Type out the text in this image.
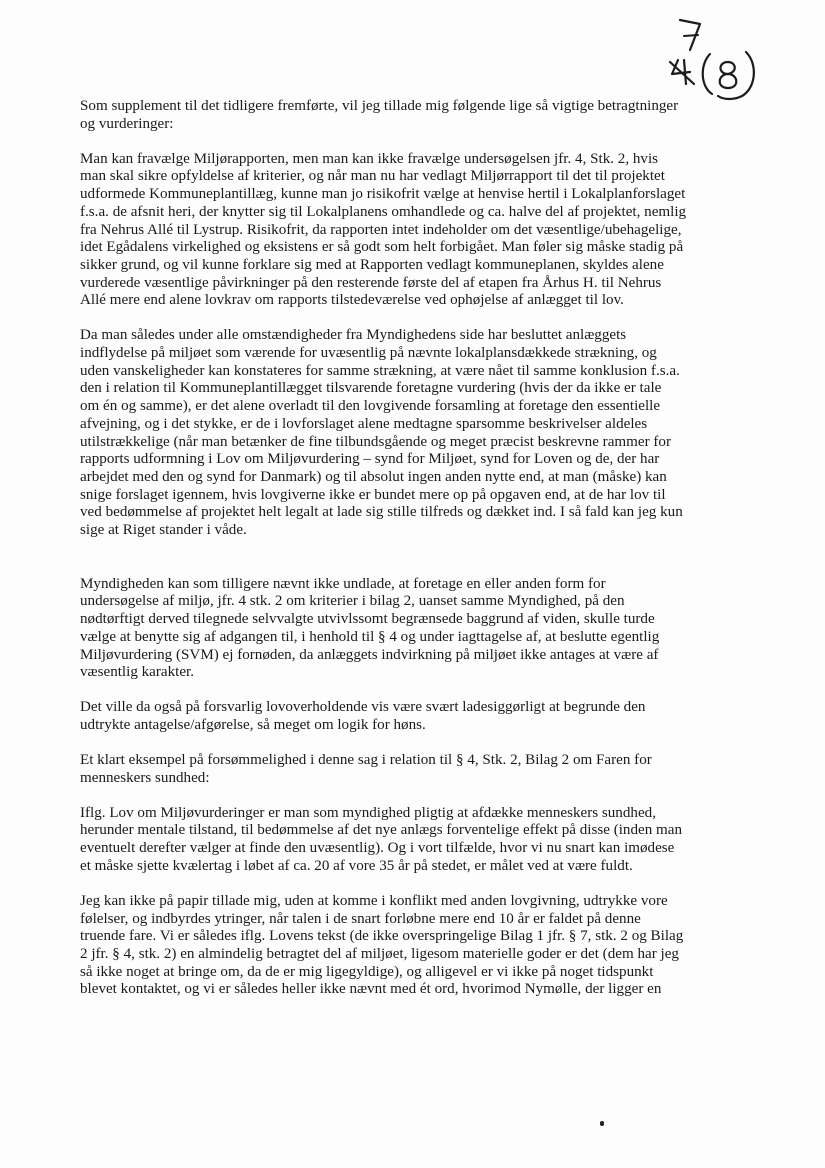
Som supplement til det tidligere fremførte, vil jeg tillade mig følgende lige så vigtige betragtninger
og vurderinger:

Man kan fravælge Miljørapporten, men man kan ikke fravælge undersøgelsen jfr. 4, Stk. 2, hvis
man skal sikre opfyldelse af kriterier, og når man nu har vedlagt Miljørrapport til det til projektet
udformede Kommuneplantillæg, kunne man jo risikofrit vælge at henvise hertil i Lokalplanforslaget
f.s.a. de afsnit heri, der knytter sig til Lokalplanens omhandlede og ca. halve del af projektet, nemlig
fra Nehrus Allé til Lystrup. Risikofrit, da rapporten intet indeholder om det væsentlige/ubehagelige,
idet Egådalens virkelighed og eksistens er så godt som helt forbigået. Man føler sig måske stadig på
sikker grund, og vil kunne forklare sig med at Rapporten vedlagt kommuneplanen, skyldes alene
vurderede væsentlige påvirkninger på den resterende første del af etapen fra Århus H. til Nehrus
Allé mere end alene lovkrav om rapports tilstedeværelse ved ophøjelse af anlægget til lov.

Da man således under alle omstændigheder fra Myndighedens side har besluttet anlæggets
indflydelse på miljøet som værende for uvæsentlig på nævnte lokalplansdækkede strækning, og
uden vanskeligheder kan konstateres for samme strækning, at være nået til samme konklusion f.s.a.
den i relation til Kommuneplantillægget tilsvarende foretagne vurdering (hvis der da ikke er tale
om én og samme), er det alene overladt til den lovgivende forsamling at foretage den essentielle
afvejning, og i det stykke, er de i lovforslaget alene medtagne sparsomme beskrivelser aldeles
utilstrækkelige (når man betænker de fine tilbundsgående og meget præcist beskrevne rammer for
rapports udformning i Lov om Miljøvurdering – synd for Miljøet, synd for Loven og de, der har
arbejdet med den og synd for Danmark) og til absolut ingen anden nytte end, at man (måske) kan
snige forslaget igennem, hvis lovgiverne ikke er bundet mere op på opgaven end, at de har lov til
ved bedømmelse af projektet helt legalt at lade sig stille tilfreds og dækket ind. I så fald kan jeg kun
sige at Riget stander i våde.

Myndigheden kan som tilligere nævnt ikke undlade, at foretage en eller anden form for
undersøgelse af miljø, jfr. 4 stk. 2 om kriterier i bilag 2, uanset samme Myndighed, på den
nødtørftigt derved tilegnede selvvalgte utvivlssomt begrænsede baggrund af viden, skulle turde
vælge at benytte sig af adgangen til, i henhold til § 4 og under iagttagelse af, at beslutte egentlig
Miljøvurdering (SVM) ej fornøden, da anlæggets indvirkning på miljøet ikke antages at være af
væsentlig karakter.

Det ville da også på forsvarlig lovoverholdende vis være svært ladesiggørligt at begrunde den
udtrykte antagelse/afgørelse, så meget om logik for høns.

Et klart eksempel på forsømmelighed i denne sag i relation til § 4, Stk. 2, Bilag 2 om Faren for
menneskers sundhed:

Iflg. Lov om Miljøvurderinger er man som myndighed pligtig at afdække menneskers sundhed,
herunder mentale tilstand, til bedømmelse af det nye anlægs forventelige effekt på disse (inden man
eventuelt derefter vælger at finde den uvæsentlig). Og i vort tilfælde, hvor vi nu snart kan imødese
et måske sjette kvælertag i løbet af ca. 20 af vore 35 år på stedet, er målet ved at være fuldt.

Jeg kan ikke på papir tillade mig, uden at komme i konflikt med anden lovgivning, udtrykke vore
følelser, og indbyrdes ytringer, når talen i de snart forløbne mere end 10 år er faldet på denne
truende fare. Vi er således iflg. Lovens tekst (de ikke overspringelige Bilag 1 jfr. § 7, stk. 2 og Bilag
2 jfr. § 4, stk. 2) en almindelig betragtet del af miljøet, ligesom materielle goder er det (dem har jeg
så ikke noget at bringe om, da de er mig ligegyldige), og alligevel er vi ikke på noget tidspunkt
blevet kontaktet, og vi er således heller ikke nævnt med ét ord, hvorimod Nymølle, der ligger en
